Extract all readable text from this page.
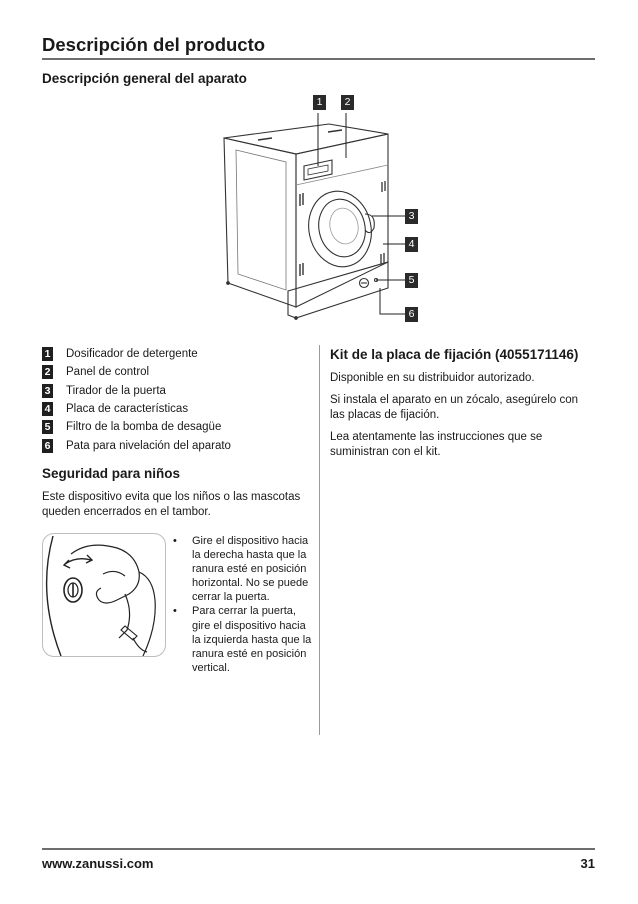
Descripción del producto
Descripción general del aparato
1	2
3
4
5
6
1 Dosificador de detergente
2 Panel de control
3 Tirador de la puerta
4 Placa de características
5 Filtro de la bomba de desagüe
6 Pata para nivelación del aparato
Seguridad para niños
Este dispositivo evita que los niños o las mascotas queden encerrados en el tambor.
•	Gire el dispositivo hacia la derecha hasta que la ranura esté en posición horizontal. No se puede cerrar la puerta.
•	Para cerrar la puerta, gire el dispositivo hacia la izquierda hasta que la ranura esté en posición vertical.
Kit de la placa de fijación (4055171146)

Disponible en su distribuidor autorizado.

Si instala el aparato en un zócalo, asegúrelo con las placas de fijación.

Lea atentamente las instrucciones que se suministran con el kit.

www.zanussi.com	31
